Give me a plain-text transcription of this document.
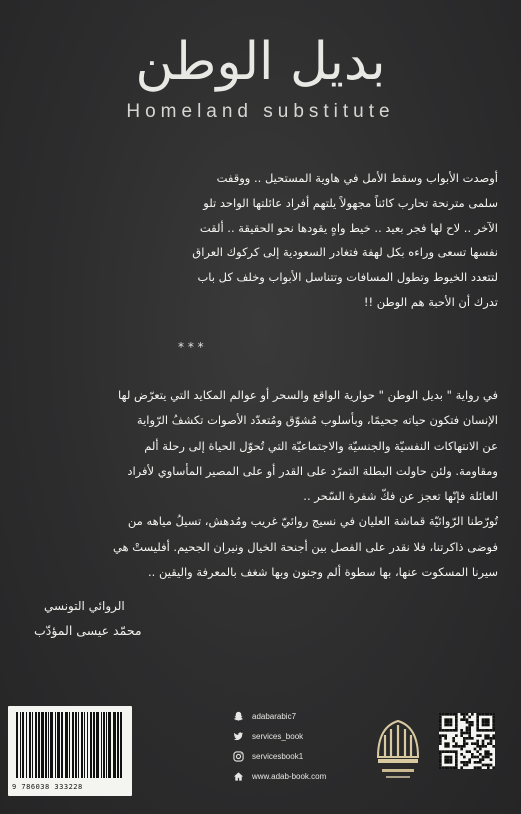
بديل الوطن
Homeland substitute
أوصدت الأبواب وسقط الأمل في هاوية المستحيل .. ووقفت
سلمى مترنحة تحارب كائناً مجهولاً يلتهم أفراد عائلتها الواحد تلو
الآخر .. لاح لها فجر بعيد .. خيط واهٍ يقودها نحو الحقيقة .. ألقت
نفسها تسعى وراءه بكل لهفة فتغادر السعودية إلى كركوك العراق
لتتعدد الخيوط وتطول المسافات وتتناسل الأبواب وخلف كل باب
تدرك أن الأحبة هم الوطن !!
* * *
في رواية " بديل الوطن " حوارية الواقع والسحر أو عوالم المكايد التي يتعرّض لها
الإنسان فتكون حياته جحيمًا، وبأسلوب مُشوّق ومُتعدّد الأصوات تكشفُ الرّواية
عن الانتهاكات النفسيّة والجنسيّة والاجتماعيّة التي تُحوّل الحياة إلى رحلة ألم
ومقاومة. ولئن حاولت البطلة التمرّد على القدر أو على المصير المأساوي لأفراد
العائلة فإنّها تعجز عن فكّ شفرة السّحر ..
تُورّطنا الرّوائيّة قماشة العليان في نسيج روائيّ غريب ومُدهش، تسيلُ مياهه من
فوضى ذاكرتنا، فلا نقدر على الفصل بين أجنحة الخيال ونيران الجحيم. أفليستْ هي
سيرنا المسكوت عنها، بها سطوة ألم وجنون وبها شغف بالمعرفة واليقين ..
الروائي التونسي
محمّد عيسى المؤدّب
9 786038 333228
adabarabic7
services_book
servicesbook1
www.adab-book.com
